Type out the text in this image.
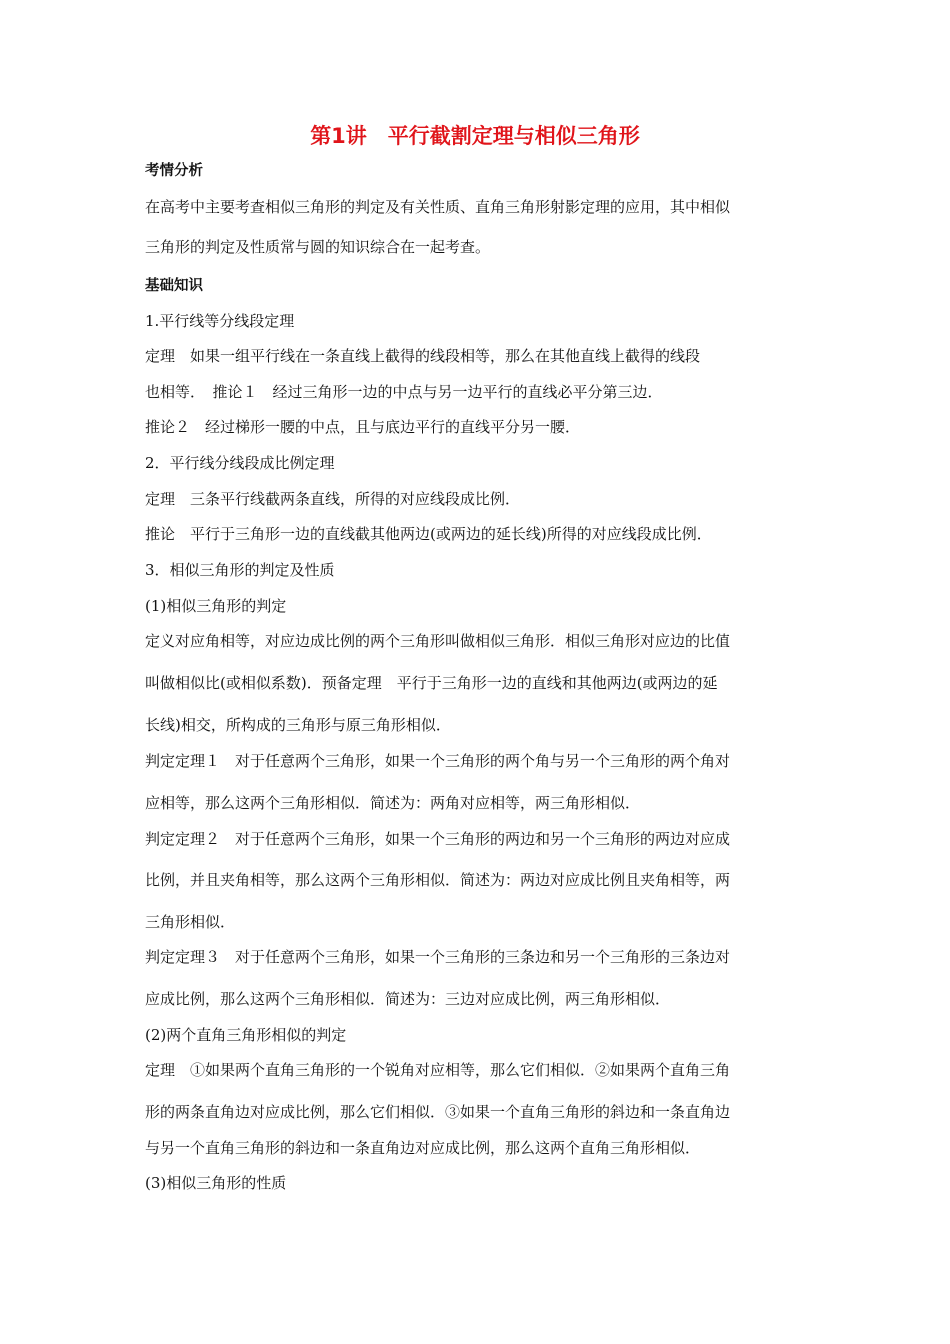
第1讲　平行截割定理与相似三角形
考情分析
在高考中主要考查相似三角形的判定及有关性质、直角三角形射影定理的应用，其中相似
三角形的判定及性质常与圆的知识综合在一起考查。
基础知识
1.平行线等分线段定理
定理　如果一组平行线在一条直线上截得的线段相等，那么在其他直线上截得的线段
也相等．　推论１　经过三角形一边的中点与另一边平行的直线必平分第三边．
推论２　经过梯形一腰的中点，且与底边平行的直线平分另一腰．
2．平行线分线段成比例定理
定理　三条平行线截两条直线，所得的对应线段成比例．
推论　平行于三角形一边的直线截其他两边(或两边的延长线)所得的对应线段成比例．
3．相似三角形的判定及性质
(1)相似三角形的判定
定义对应角相等，对应边成比例的两个三角形叫做相似三角形．相似三角形对应边的比值
叫做相似比(或相似系数)．预备定理　平行于三角形一边的直线和其他两边(或两边的延
长线)相交，所构成的三角形与原三角形相似．
判定定理１　对于任意两个三角形，如果一个三角形的两个角与另一个三角形的两个角对
应相等，那么这两个三角形相似．简述为：两角对应相等，两三角形相似．
判定定理２　对于任意两个三角形，如果一个三角形的两边和另一个三角形的两边对应成
比例，并且夹角相等，那么这两个三角形相似．简述为：两边对应成比例且夹角相等，两
三角形相似．
判定定理３　对于任意两个三角形，如果一个三角形的三条边和另一个三角形的三条边对
应成比例，那么这两个三角形相似．简述为：三边对应成比例，两三角形相似．
(2)两个直角三角形相似的判定
定理　①如果两个直角三角形的一个锐角对应相等，那么它们相似．②如果两个直角三角
形的两条直角边对应成比例，那么它们相似．③如果一个直角三角形的斜边和一条直角边
与另一个直角三角形的斜边和一条直角边对应成比例，那么这两个直角三角形相似．
(3)相似三角形的性质
